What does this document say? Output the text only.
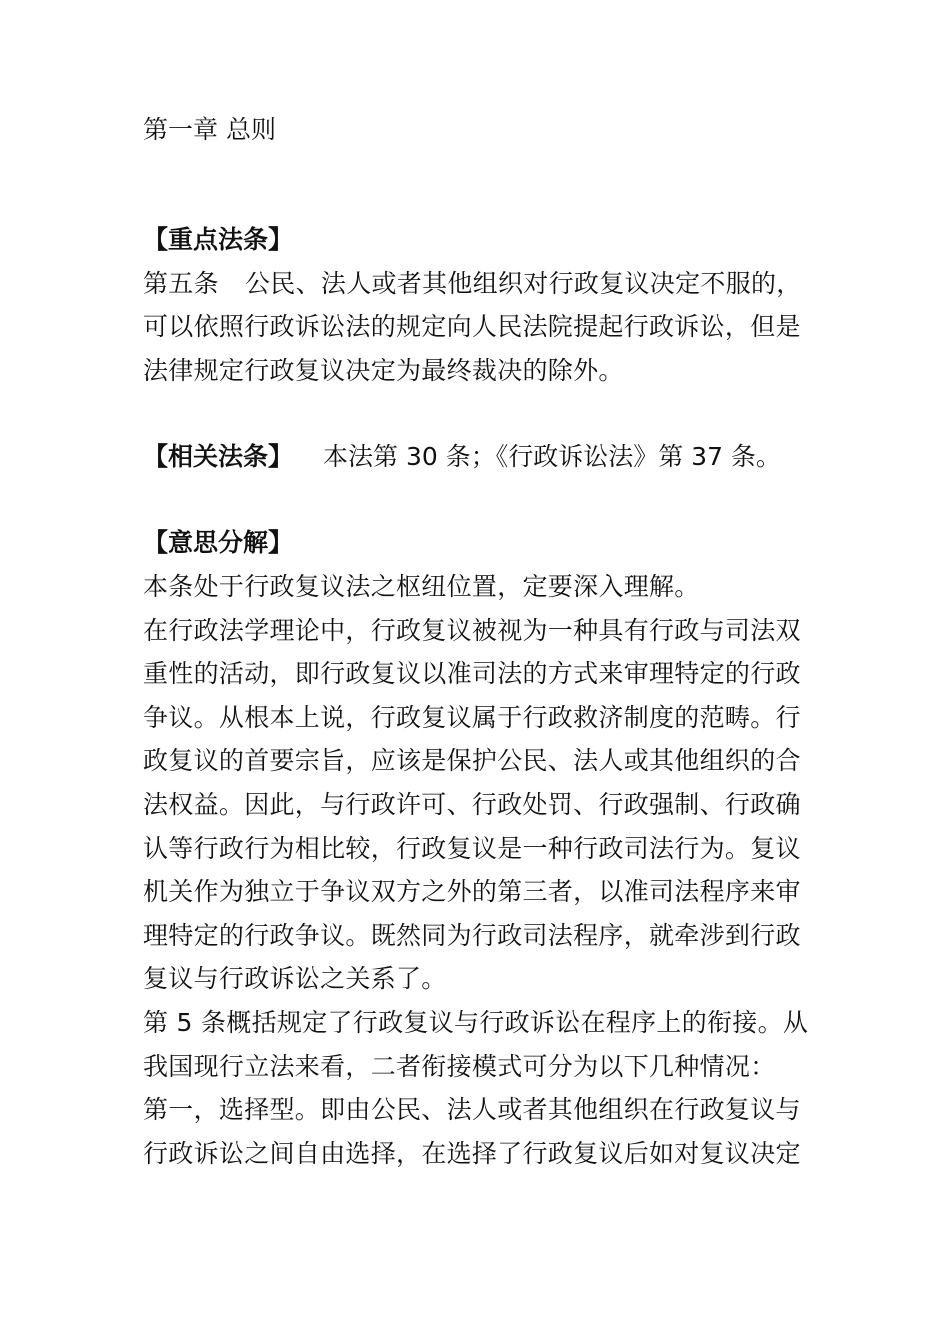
第一章 总则
【重点法条】
第五条 公民、法人或者其他组织对行政复议决定不服的，
可以依照行政诉讼法的规定向人民法院提起行政诉讼，但是
法律规定行政复议决定为最终裁决的除外。
【相关法条】 本法第 30 条；《行政诉讼法》第 37 条。
【意思分解】
本条处于行政复议法之枢纽位置，定要深入理解。
在行政法学理论中，行政复议被视为一种具有行政与司法双
重性的活动，即行政复议以准司法的方式来审理特定的行政
争议。从根本上说，行政复议属于行政救济制度的范畴。行
政复议的首要宗旨，应该是保护公民、法人或其他组织的合
法权益。因此，与行政许可、行政处罚、行政强制、行政确
认等行政行为相比较，行政复议是一种行政司法行为。复议
机关作为独立于争议双方之外的第三者，以准司法程序来审
理特定的行政争议。既然同为行政司法程序，就牵涉到行政
复议与行政诉讼之关系了。
第 5 条概括规定了行政复议与行政诉讼在程序上的衔接。从
我国现行立法来看，二者衔接模式可分为以下几种情况：
第一，选择型。即由公民、法人或者其他组织在行政复议与
行政诉讼之间自由选择，在选择了行政复议后如对复议决定
